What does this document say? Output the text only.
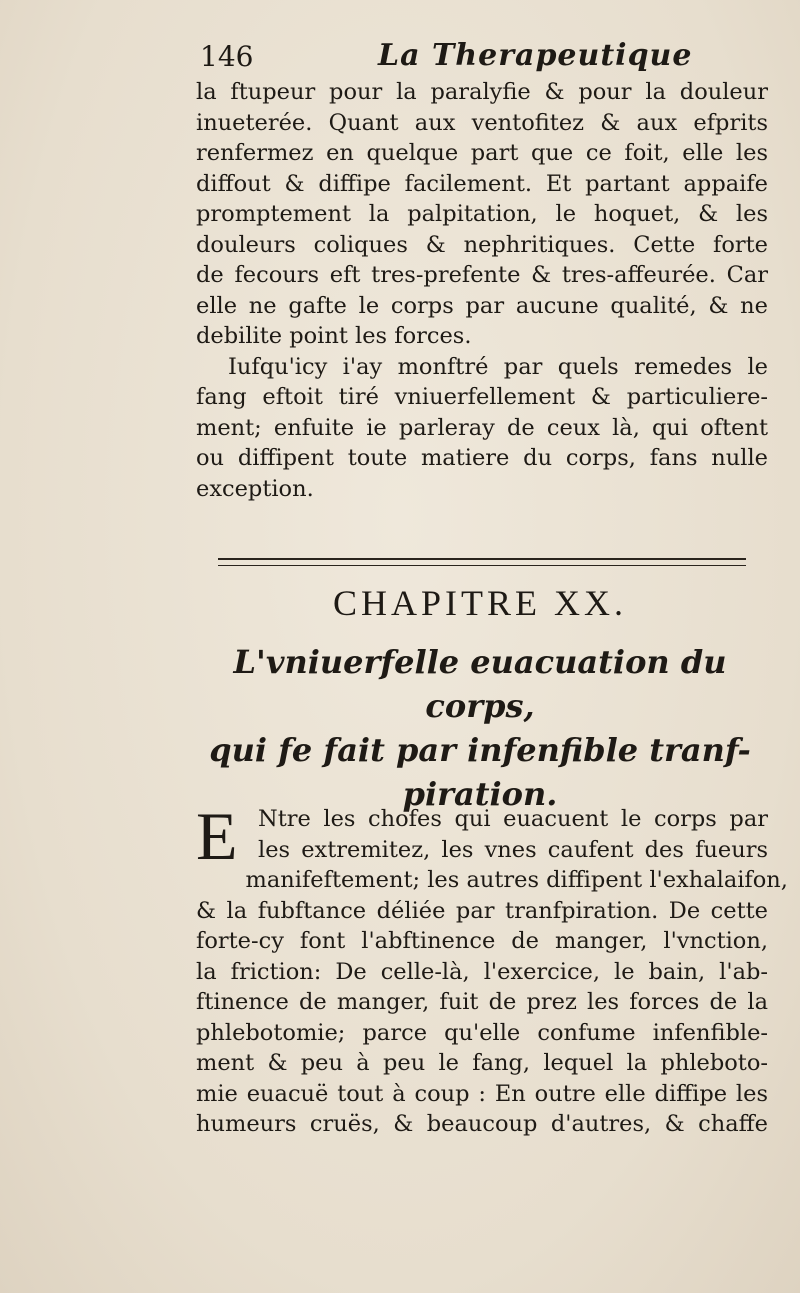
146	La Therapeutique

la ftupeur pour la paralyfie & pour la douleur
inueterée. Quant aux ventofitez & aux efprits
renfermez en quelque part que ce foit, elle les
diffout & diffipe facilement. Et partant appaife
promptement la palpitation, le hoquet, & les
douleurs coliques & nephritiques. Cette forte
de fecours eft tres-prefente & tres-affeurée. Car
elle ne gafte le corps par aucune qualité, & ne
debilite point les forces.

Iufqu'icy i'ay monftré par quels remedes le
fang eftoit tiré vniuerfellement & particuliere-
ment; enfuite ie parleray de ceux là, qui oftent
ou diffipent toute matiere du corps, fans nulle
exception.

CHAPITRE XX.
L'vniuerfelle euacuation du corps,
qui fe fait par infenfible tranf-
piration.
E Ntre les chofes qui euacuent le corps par
les extremitez, les vnes caufent des fueurs
manifeftement; les autres diffipent l'exhalaifon,
& la fubftance déliée par tranfpiration. De cette
forte-cy font l'abftinence de manger, l'vnction,
la friction: De celle-là, l'exercice, le bain, l'ab-
ftinence de manger, fuit de prez les forces de la
phlebotomie; parce qu'elle confume infenfible-
ment & peu à peu le fang, lequel la phleboto-
mie euacuë tout à coup : En outre elle diffipe les
humeurs cruës, & beaucoup d'autres, & chaffe
